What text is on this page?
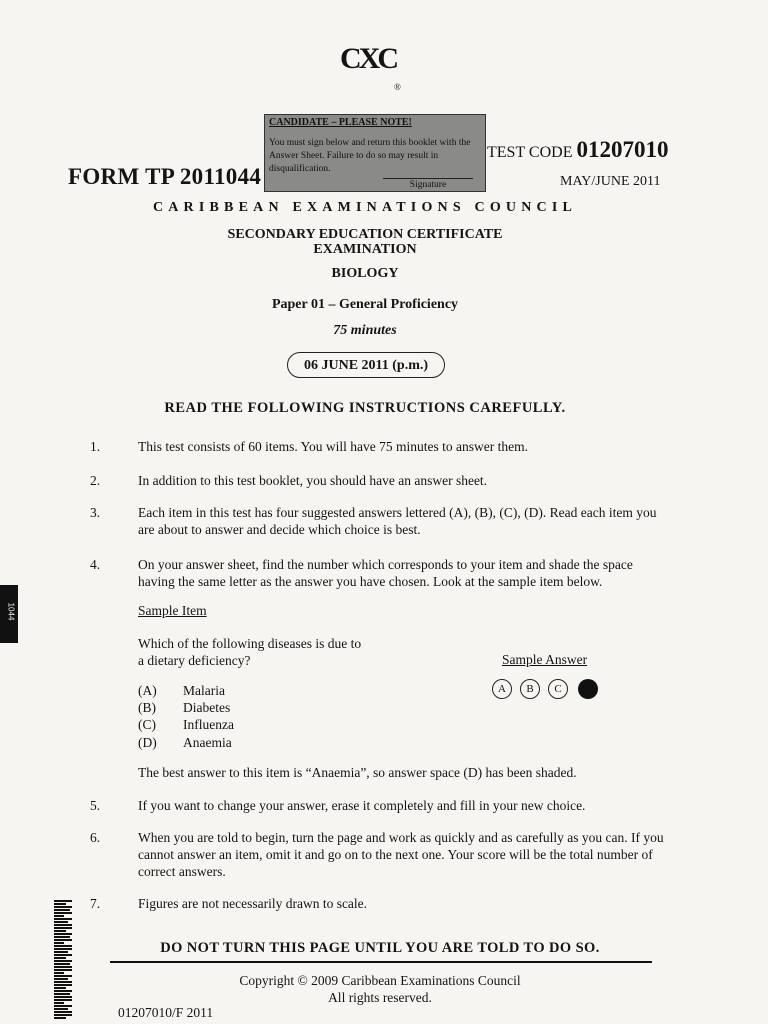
CXC
®
CANDIDATE – PLEASE NOTE!
You must sign below and return this booklet with the Answer Sheet. Failure to do so may result in disqualification.
Signature
FORM TP 2011044
TEST CODE 01207010
MAY/JUNE 2011
CARIBBEAN EXAMINATIONS COUNCIL
SECONDARY EDUCATION CERTIFICATE
EXAMINATION
BIOLOGY
Paper 01 – General Proficiency
75 minutes
06 JUNE 2011 (p.m.)
READ THE FOLLOWING INSTRUCTIONS CAREFULLY.
1.	This test consists of 60 items. You will have 75 minutes to answer them.
2.	In addition to this test booklet, you should have an answer sheet.
3.	Each item in this test has four suggested answers lettered (A), (B), (C), (D). Read each item you are about to answer and decide which choice is best.
4.	On your answer sheet, find the number which corresponds to your item and shade the space having the same letter as the answer you have chosen. Look at the sample item below.
Sample Item
Which of the following diseases is due to
a dietary deficiency?	Sample Answer
(A) Malaria
(B) Diabetes
(C) Influenza
(D) Anaemia
A	B	C	D
The best answer to this item is “Anaemia”, so answer space (D) has been shaded.
5.	If you want to change your answer, erase it completely and fill in your new choice.
6.	When you are told to begin, turn the page and work as quickly and as carefully as you can. If you cannot answer an item, omit it and go on to the next one. Your score will be the total number of correct answers.
7.	Figures are not necessarily drawn to scale.
DO NOT TURN THIS PAGE UNTIL YOU ARE TOLD TO DO SO.
Copyright © 2009 Caribbean Examinations Council
All rights reserved.
01207010/F 2011
1044
